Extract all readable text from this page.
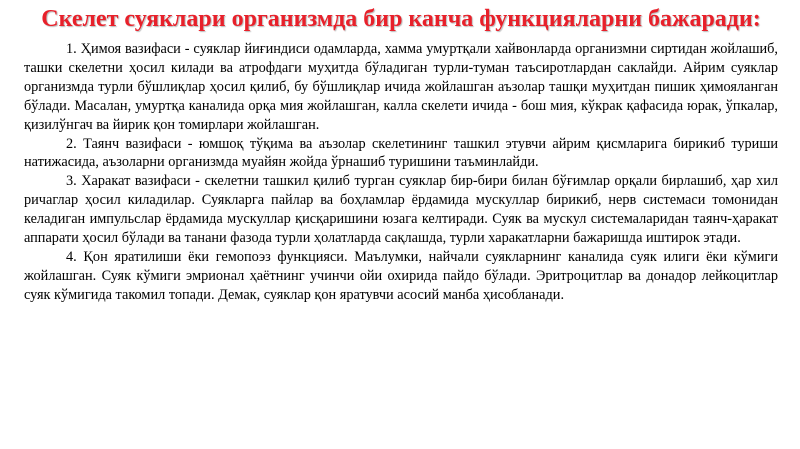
Скелет суяклари организмда бир канча функцияларни бажаради:

1. Ҳимоя вазифаси - суяклар йиғиндиси одамларда, хамма умуртқали хайвонларда организмни сиртидан жойлашиб, ташки скелетни ҳосил килади ва атрофдаги муҳитда бўладиган турли-туман таъсиротлардан саклайди. Айрим суяклар организмда турли бўшлиқлар ҳосил қилиб, бу бўшлиқлар ичида жойлашган аъзолар ташқи муҳитдан пишик ҳимояланган бўлади. Масалан, умуртқа каналида орқа мия жойлашган, калла скелети ичида - бош мия, кўкрак қафасида юрак, ўпкалар, қизилўнгач ва йирик қон томирлари жойлашган.

2. Таянч вазифаси - юмшоқ тўқима ва аъзолар скелетининг ташкил этувчи айрим қисмларига бирикиб туриши натижасида, аъзоларни организмда муайян жойда ўрнашиб туришини таъминлайди.

3. Харакат вазифаси - скелетни ташкил қилиб турган суяклар бир-бири билан бўғимлар орқали бирлашиб, ҳар хил ричаглар ҳосил киладилар. Суякларга пайлар ва боҳламлар ёрдамида мускуллар бирикиб, нерв системаси томонидан келадиган импульслар ёрдамида мускуллар қисқаришини юзага келтиради. Суяк ва мускул системаларидан таянч-ҳаракат аппарати ҳосил бўлади ва танани фазода турли ҳолатларда сақлашда, турли харакатларни бажаришда иштирок этади.

4. Қон яратилиши ёки гемопоэз функцияси. Маълумки, найчали суякларнинг каналида суяк илиги ёки кўмиги жойлашган. Суяк кўмиги эмрионал ҳаётнинг учинчи ойи охирида пайдо бўлади. Эритроцитлар ва донадор лейкоцитлар суяк кўмигида такомил топади. Демак, суяклар қон яратувчи асосий манба ҳисобланади.
